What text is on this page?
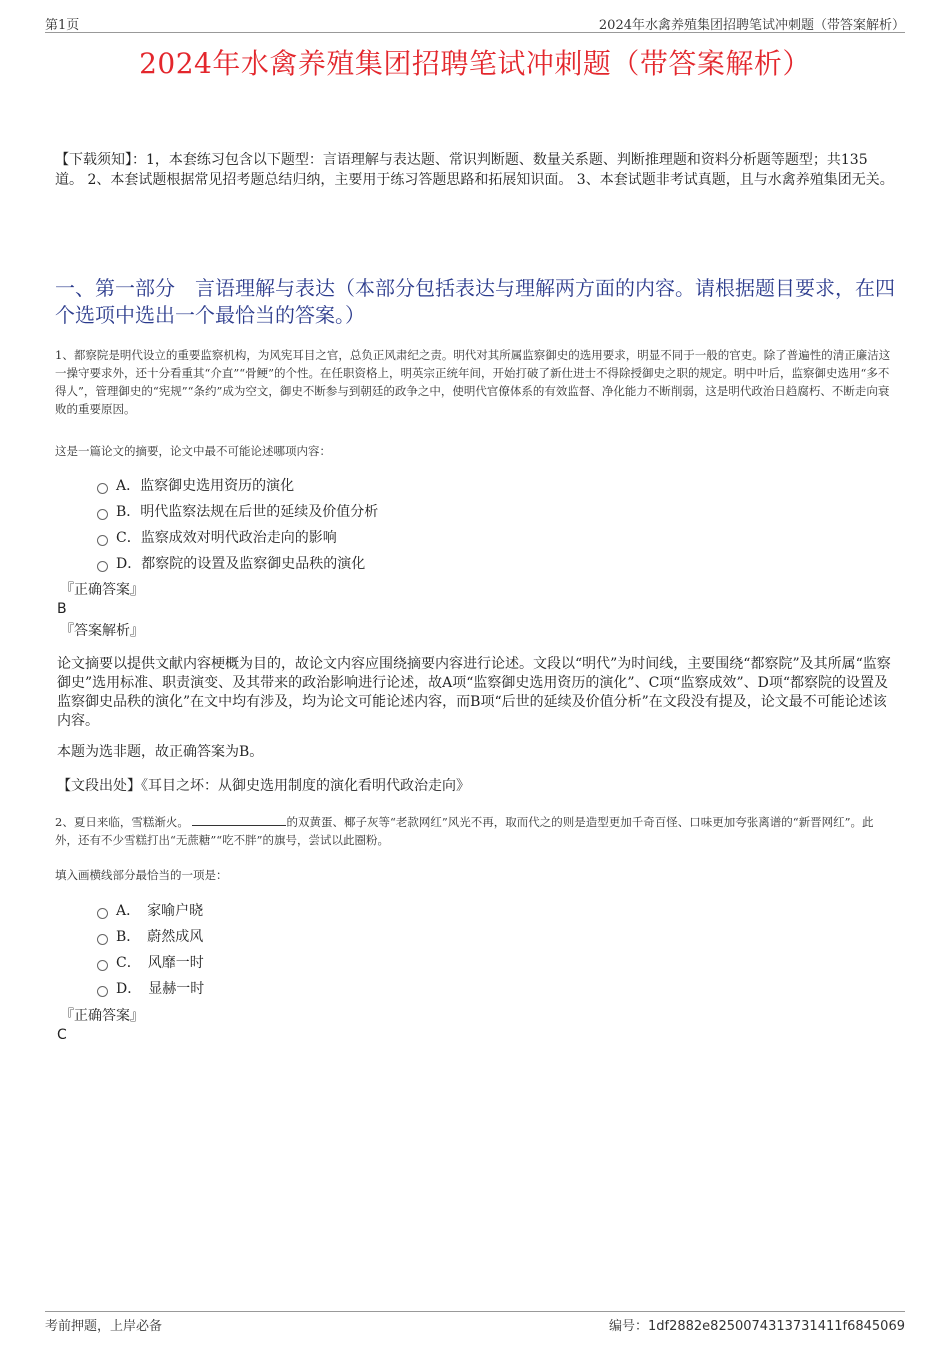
第1页	2024年水禽养殖集团招聘笔试冲刺题（带答案解析）
2024年水禽养殖集团招聘笔试冲刺题（带答案解析）
【下载须知】：1，本套练习包含以下题型：言语理解与表达题、常识判断题、数量关系题、判断推理题和资料分析题等题型；共135道。 2、本套试题根据常见招考题总结归纳，主要用于练习答题思路和拓展知识面。 3、本套试题非考试真题，且与水禽养殖集团无关。
一、第一部分　言语理解与表达（本部分包括表达与理解两方面的内容。请根据题目要求，在四个选项中选出一个最恰当的答案。）
1、都察院是明代设立的重要监察机构，为风宪耳目之官，总负正风肃纪之责。明代对其所属监察御史的选用要求，明显不同于一般的官吏。除了普遍性的清正廉洁这一操守要求外，还十分看重其“介直”“骨鲠”的个性。在任职资格上，明英宗正统年间，开始打破了新仕进士不得除授御史之职的规定。明中叶后，监察御史选用“多不得人”，管理御史的“宪规”“条约”成为空文，御史不断参与到朝廷的政争之中，使明代官僚体系的有效监督、净化能力不断削弱，这是明代政治日趋腐朽、不断走向衰败的重要原因。
这是一篇论文的摘要，论文中最不可能论述哪项内容：
A．监察御史选用资历的演化
B．明代监察法规在后世的延续及价值分析
C．监察成效对明代政治走向的影响
D．都察院的设置及监察御史品秩的演化
『正确答案』
B
『答案解析』
论文摘要以提供文献内容梗概为目的，故论文内容应围绕摘要内容进行论述。文段以“明代”为时间线，主要围绕“都察院”及其所属“监察御史”选用标准、职责演变、及其带来的政治影响进行论述，故A项“监察御史选用资历的演化”、C项“监察成效”、D项“都察院的设置及监察御史品秩的演化”在文中均有涉及，均为论文可能论述内容，而B项“后世的延续及价值分析”在文段没有提及，论文最不可能论述该内容。
本题为选非题，故正确答案为B。
【文段出处】《耳目之坏：从御史选用制度的演化看明代政治走向》
2、夏日来临，雪糕渐火。	的双黄蛋、椰子灰等“老款网红”风光不再，取而代之的则是造型更加千奇百怪、口味更加夸张离谱的“新晋网红”。此外，还有不少雪糕打出“无蔗糖”“吃不胖”的旗号，尝试以此圈粉。
填入画横线部分最恰当的一项是：
A．　家喻户晓
B．　蔚然成风
C．　风靡一时
D．　显赫一时
『正确答案』
C
考前押题，上岸必备	编号：1df2882e825007431373141​1f6845069
